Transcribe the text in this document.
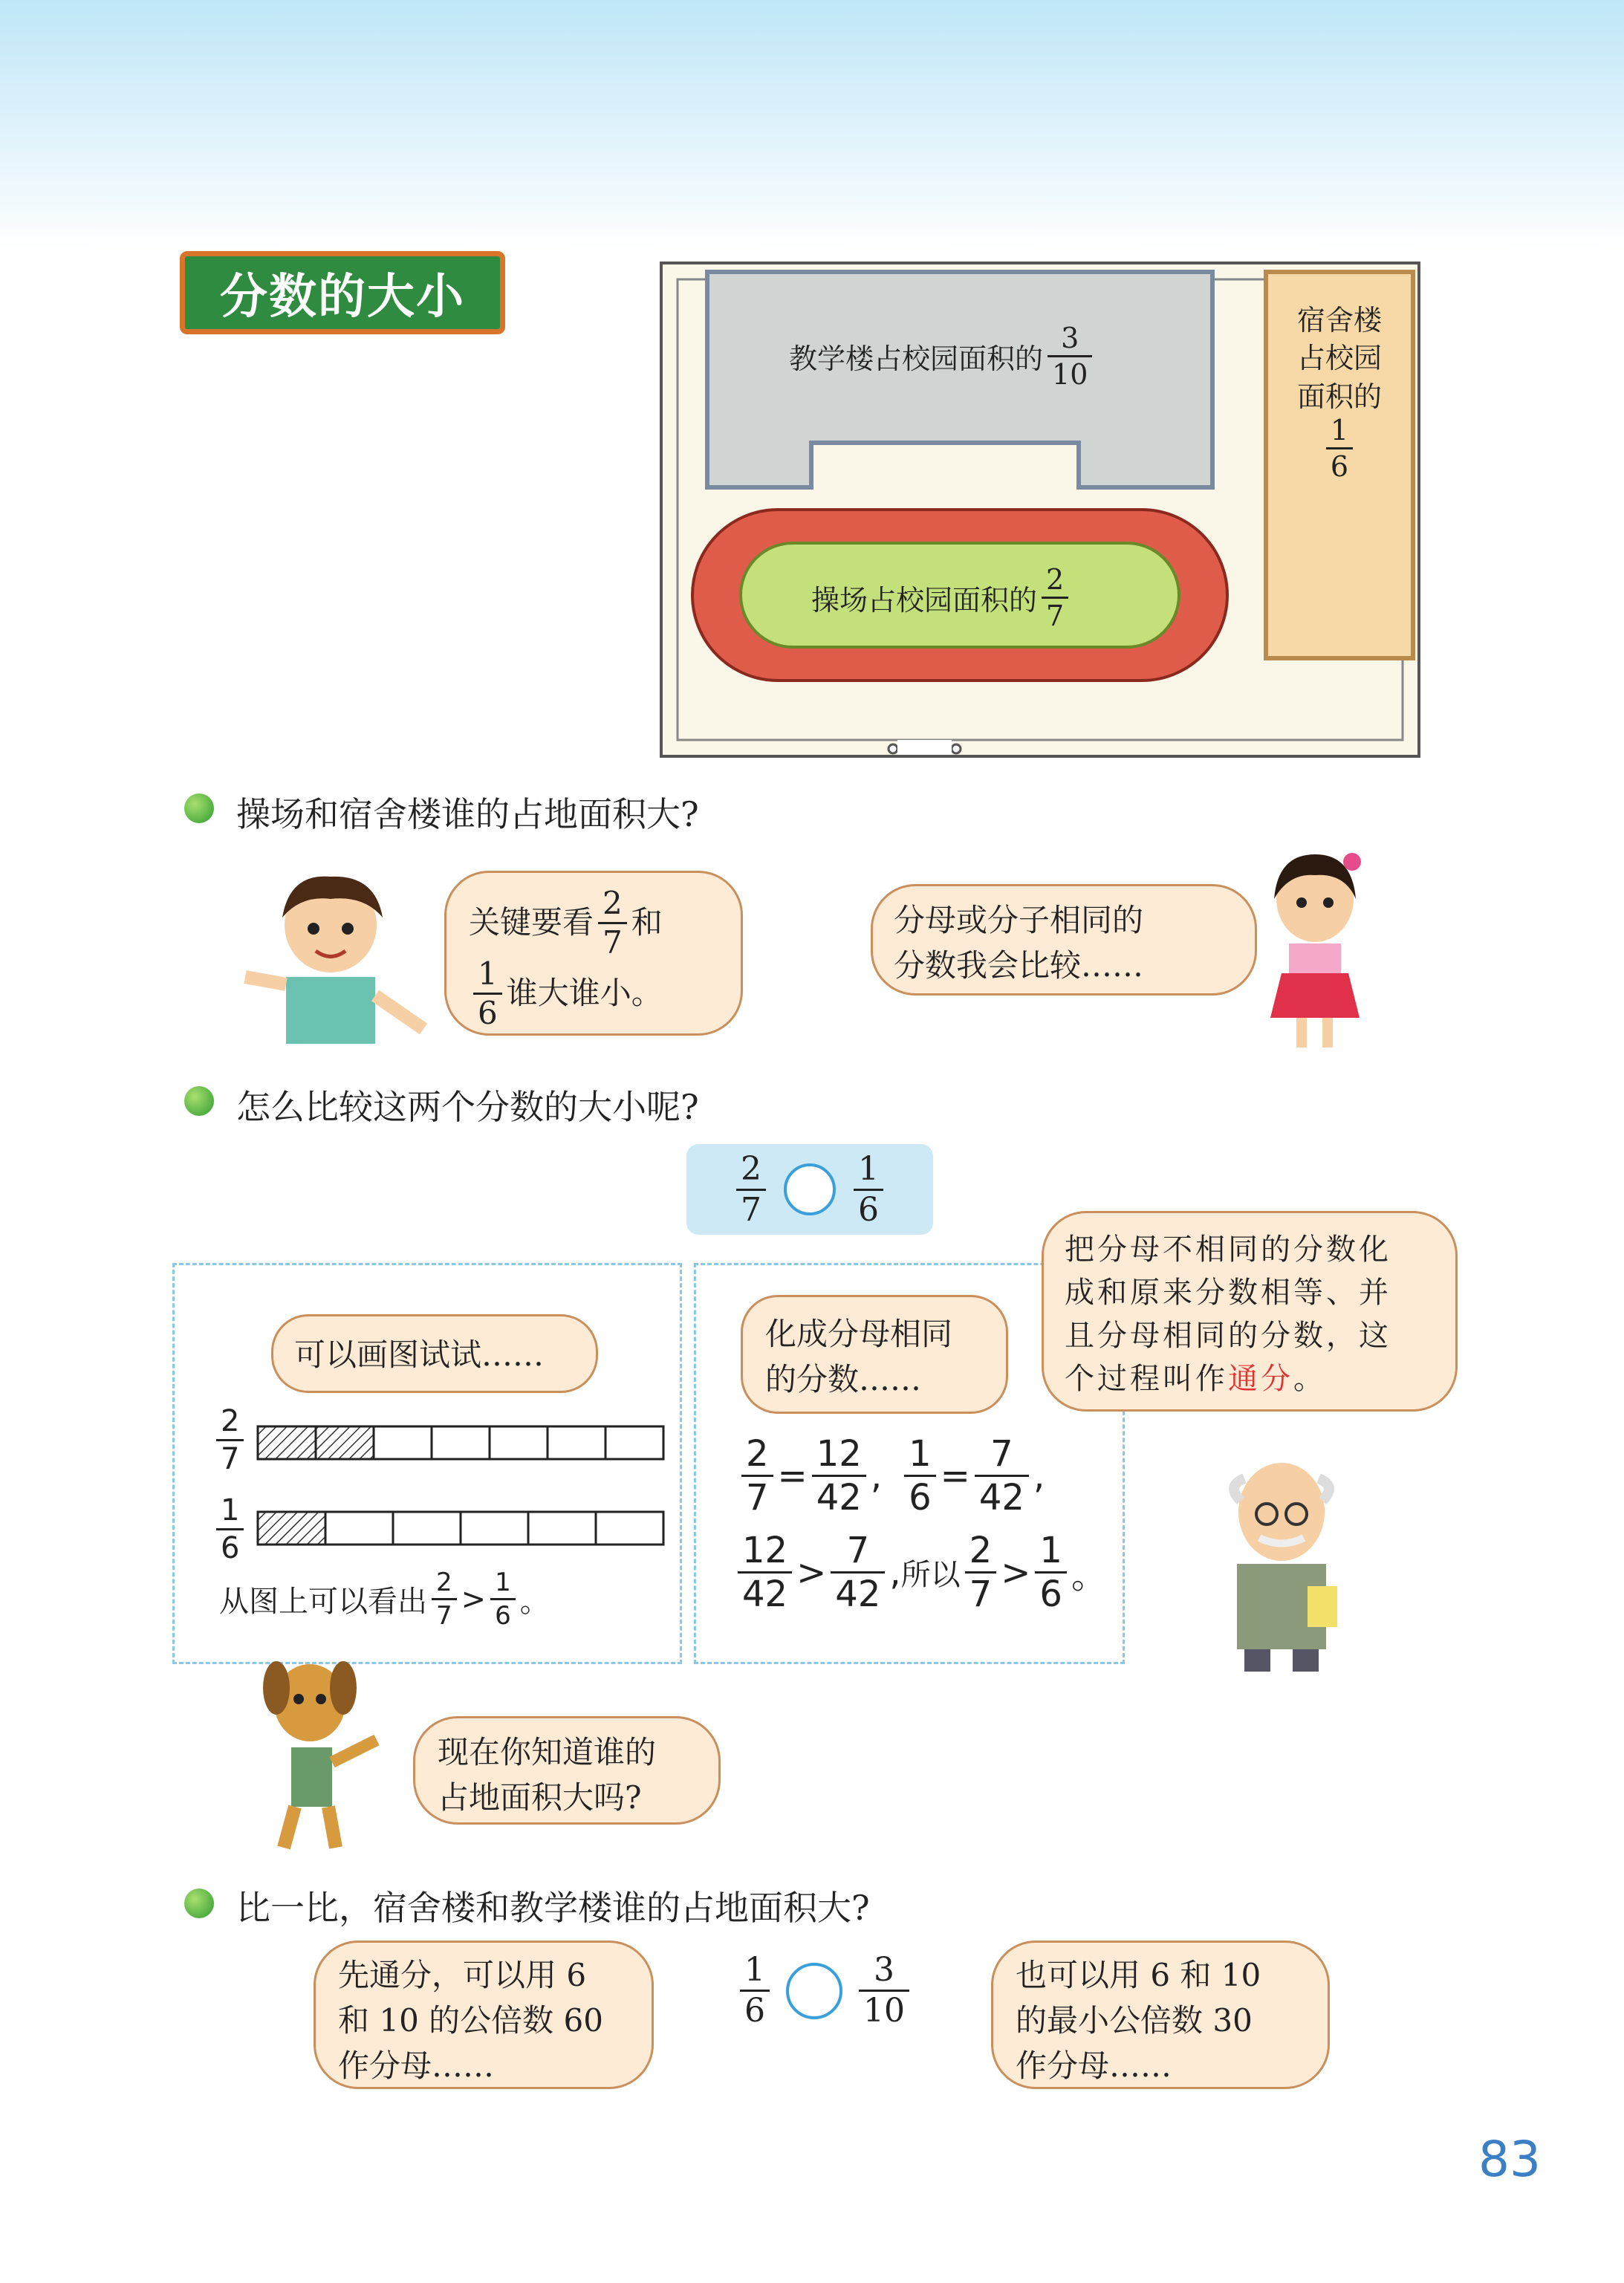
分数的大小
教学楼占校园面积的 $\frac{3}{10}$
宿舍楼
占校园
面积的
$\frac{1}{6}$
操场占校园面积的 $\frac{2}{7}$
操场和宿舍楼谁的占地面积大?
关键要看 $\frac{2}{7}$ 和
$\frac{1}{6}$ 谁大谁小。
分母或分子相同的
分数我会比较……
怎么比较这两个分数的大小呢?
$\frac{2}{7}$	$\frac{1}{6}$
可以画图试试……
$\frac{2}{7}$
$\frac{1}{6}$
从图上可以看出 $\frac{2}{7} > \frac{1}{6}$ 。
化成分母相同
的分数……
$\frac{2}{7} = \frac{12}{42}$ , $\frac{1}{6} = \frac{7}{42}$ ,
$\frac{12}{42} > \frac{7}{42}$ , 所以 $\frac{2}{7} > \frac{1}{6}$ 。
把分母不相同的分数化
成和原来分数相等、并
且分母相同的分数，这
个过程叫作通分。
现在你知道谁的
占地面积大吗?
比一比，宿舍楼和教学楼谁的占地面积大?
先通分，可以用 6
和 10 的公倍数 60
作分母……
$\frac{1}{6}$	$\frac{3}{10}$	也可以用 6 和 10
的最小公倍数 30
作分母……
83
